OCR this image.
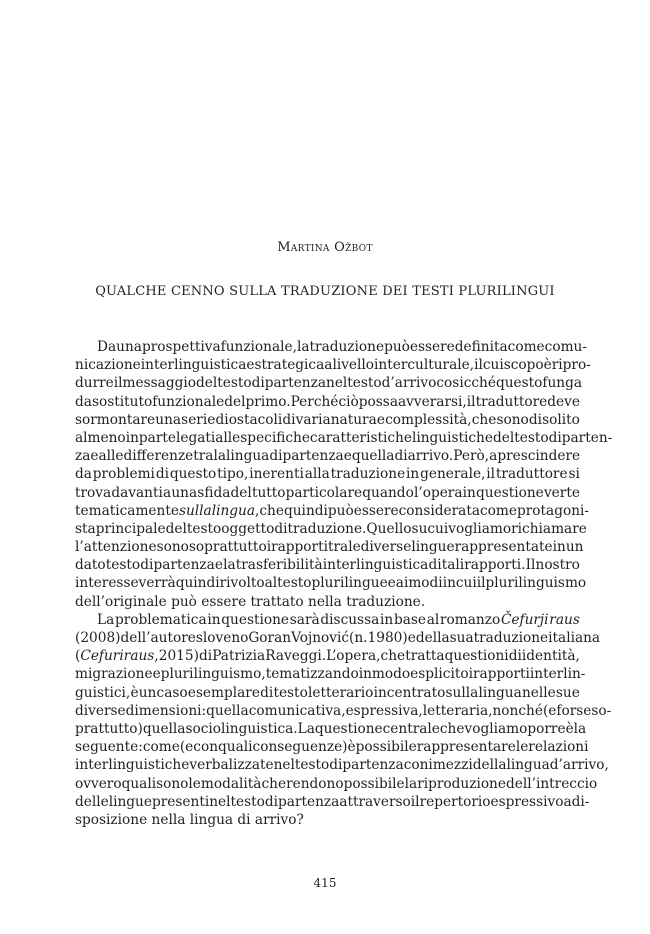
Martina Ožbot
QUALCHE CENNO SULLA TRADUZIONE DEI TESTI PLURILINGUI
Da una prospettiva funzionale, la traduzione può essere definita come comu-
nicazione interlinguistica e strategica a livello interculturale, il cui scopo è ripro-
durre il messaggio del testo di partenza nel testo d’arrivo cosicché questo funga
da sostituto funzionale del primo. Perché ciò possa avverarsi, il traduttore deve
sormontare una serie di ostacoli di varia natura e complessità, che sono di solito
almeno in parte legati alle specifiche caratteristiche linguistiche del testo di parten-
za e alle differenze tra la lingua di partenza e quella di arrivo. Però, a prescindere
da problemi di questo tipo, inerenti alla traduzione in generale, il traduttore si
trova davanti a una sfida del tutto particolare quando l’opera in questione verte
tematicamente sulla lingua, che quindi può essere considerata come protagoni-
sta principale del testo oggetto di traduzione. Quello su cui vogliamo richiamare
l’attenzione sono soprattutto i rapporti tra le diverse lingue rappresentate in un
dato testo di partenza e la trasferibilità interlinguistica di tali rapporti. Il nostro
interesse verrà quindi rivolto al testo plurilingue e ai modi in cui il plurilinguismo
dell’originale
può
essere
trattato
nella
traduzione.
La problematica in questione sarà discussa in base al romanzo Čefurji raus
(2008) dell’autore sloveno Goran Vojnović (n. 1980) e della sua traduzione italiana
(Cefuri raus, 2015) di Patrizia Raveggi. L’opera, che tratta questioni di identità,
migrazione e plurilinguismo, tematizzando in modo esplicito i rapporti interlin-
guistici, è un caso esemplare di testo letterario incentrato sulla lingua nelle sue
diverse dimensioni: quella comunicativa, espressiva, letteraria, nonché (e forse so-
prattutto) quella sociolinguistica. La questione centrale che vogliamo porre è la
seguente: come (e con quali conseguenze) è possibile rappresentare le relazioni
interlinguistiche verbalizzate nel testo di partenza con i mezzi della lingua d’arrivo,
ovvero quali sono le modalità che rendono possibile la riproduzione dell’intreccio
delle lingue presenti nel testo di partenza attraverso il repertorio espressivo a di-
sposizione
nella
lingua
di
arrivo?
415
